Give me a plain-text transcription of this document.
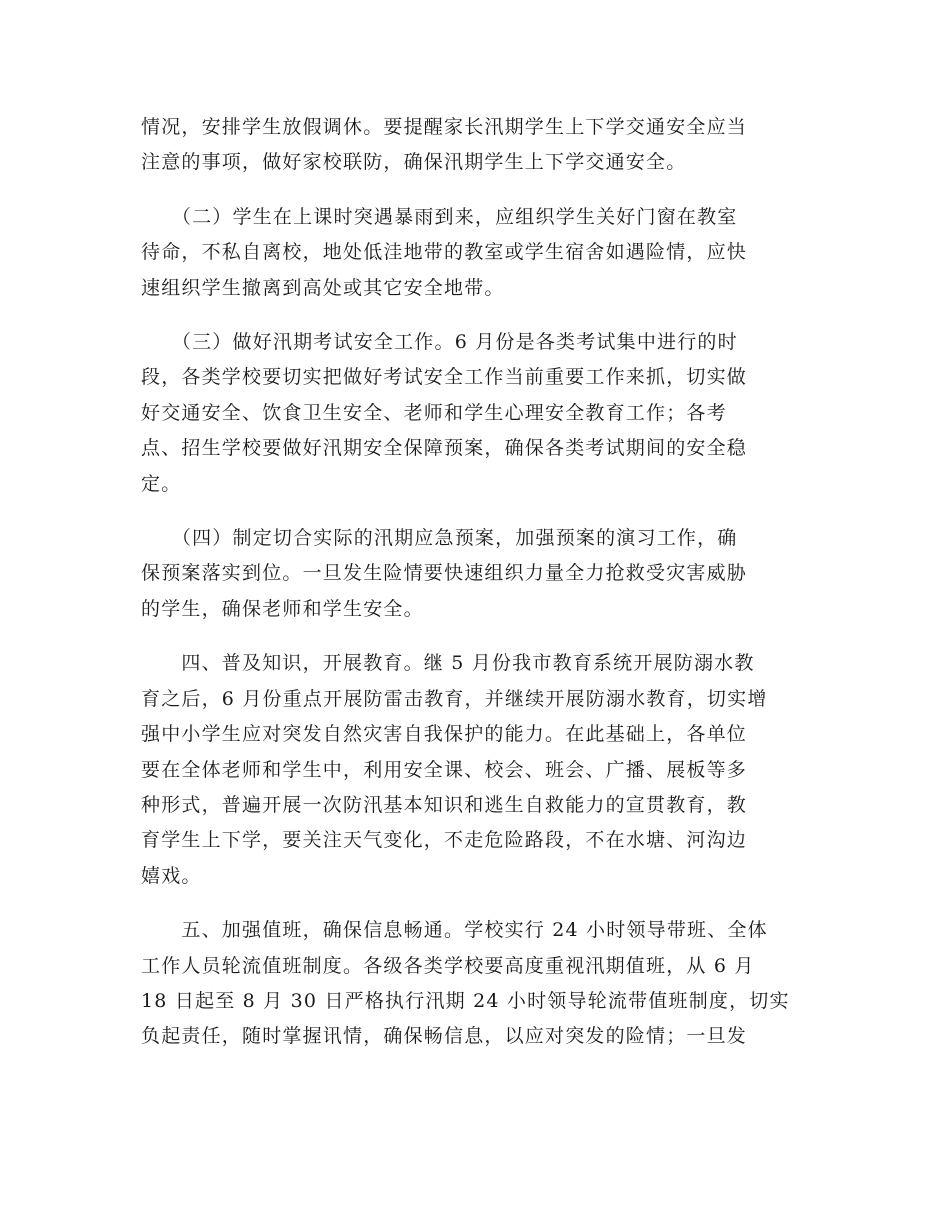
情况，安排学生放假调休。要提醒家长汛期学生上下学交通安全应当
注意的事项，做好家校联防，确保汛期学生上下学交通安全。

　　（二）学生在上课时突遇暴雨到来，应组织学生关好门窗在教室
待命，不私自离校，地处低洼地带的教室或学生宿舍如遇险情，应快
速组织学生撤离到高处或其它安全地带。

　　（三）做好汛期考试安全工作。6 月份是各类考试集中进行的时
段，各类学校要切实把做好考试安全工作当前重要工作来抓，切实做
好交通安全、饮食卫生安全、老师和学生心理安全教育工作；各考
点、招生学校要做好汛期安全保障预案，确保各类考试期间的安全稳
定。

　　（四）制定切合实际的汛期应急预案，加强预案的演习工作，确
保预案落实到位。一旦发生险情要快速组织力量全力抢救受灾害威胁
的学生，确保老师和学生安全。

　　四、普及知识，开展教育。继 5 月份我市教育系统开展防溺水教
育之后，6 月份重点开展防雷击教育，并继续开展防溺水教育，切实增
强中小学生应对突发自然灾害自我保护的能力。在此基础上，各单位
要在全体老师和学生中，利用安全课、校会、班会、广播、展板等多
种形式，普遍开展一次防汛基本知识和逃生自救能力的宣贯教育，教
育学生上下学，要关注天气变化，不走危险路段，不在水塘、河沟边
嬉戏。

　　五、加强值班，确保信息畅通。学校实行 24 小时领导带班、全体
工作人员轮流值班制度。各级各类学校要高度重视汛期值班，从 6 月
18 日起至 8 月 30 日严格执行汛期 24 小时领导轮流带值班制度，切实
负起责任，随时掌握讯情，确保畅信息，以应对突发的险情；一旦发
